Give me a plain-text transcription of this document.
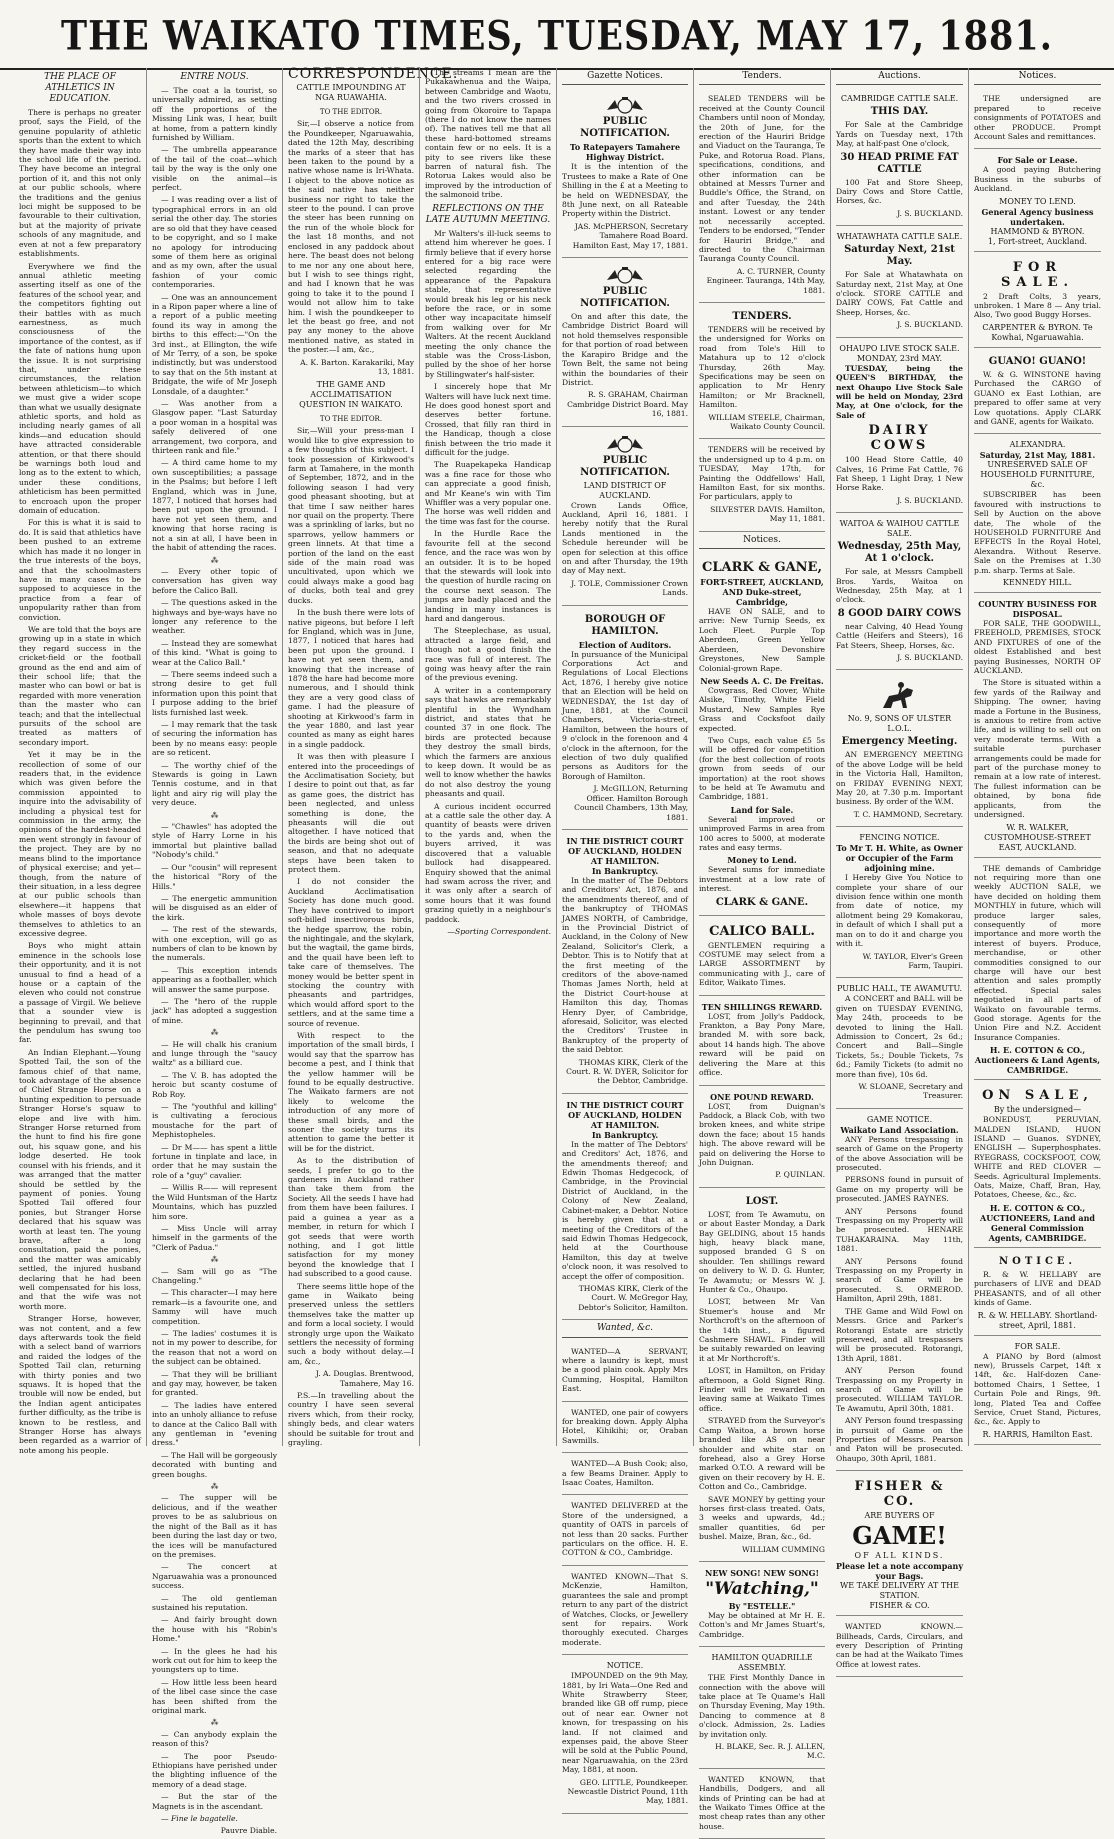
THE WAIKATO TIMES, TUESDAY, MAY 17, 1881.
THE PLACE OF ATHLETICS IN EDUCATION.

There is perhaps no greater proof, says the Field, of the genuine popularity of athletic sports than the extent to which they have made their way into the school life of the period. They have become an integral portion of it, and this not only at our public schools, where the traditions and the genius loci might be supposed to be favourable to their cultivation, but at the majority of private schools of any magnitude, and even at not a few preparatory establishments.

Everywhere we find the annual athletic meeting asserting itself as one of the features of the school year, and the competitors fighting out their battles with as much earnestness, as much consciousness of the importance of the contest, as if the fate of nations hung upon the issue. It is not surprising that, under these circumstances, the relation between athleticism—to which we must give a wider scope than what we usually designate athletic sports, and hold as including nearly games of all kinds—and education should have attracted considerable attention, or that there should be warnings both loud and long as to the extent to which, under these conditions, athleticism has been permitted to encroach upon the proper domain of education.

For this is what it is said to do. It is said that athletics have been pushed to an extreme which has made it no longer in the true interests of the boys, and that the schoolmasters have in many cases to be supposed to acquiesce in the practice from a fear of unpopularity rather than from conviction.

We are told that the boys are growing up in a state in which they regard success in the cricket-field or the football ground as the end and aim of their school life; that the master who can bowl or bat is regarded with more veneration than the master who can teach; and that the intellectual pursuits of the school are treated as matters of secondary import.

Yet it may be in the recollection of some of our readers that, in the evidence which was given before the commission appointed to inquire into the advisability of including a physical test for commission in the army, the opinions of the hardest-headed men went strongly in favour of the project. They are by no means blind to the importance of physical exercise; and yet—though, from the nature of their situation, in a less degree at our public schools than elsewhere—it happens that whole masses of boys devote themselves to athletics to an excessive degree.

Boys who might attain eminence in the schools lose their opportunity, and it is not unusual to find a head of a house or a captain of the eleven who could not construe a passage of Virgil. We believe that a sounder view is beginning to prevail, and that the pendulum has swung too far.

An Indian Elephant.—Young Spotted Tail, the son of the famous chief of that name, took advantage of the absence of Chief Strange Horse on a hunting expedition to persuade Stranger Horse's squaw to elope and live with him. Stranger Horse returned from the hunt to find his fire gone out, his squaw gone, and his lodge deserted. He took counsel with his friends, and it was arranged that the matter should be settled by the payment of ponies. Young Spotted Tail offered four ponies, but Stranger Horse declared that his squaw was worth at least ten. The young brave, after a long consultation, paid the ponies, and the matter was amicably settled, the injured husband declaring that he had been well compensated for his loss, and that the wife was not worth more.

Stranger Horse, however, was not content, and a few days afterwards took the field with a select band of warriors and raided the lodges of the Spotted Tail clan, returning with thirty ponies and two squaws. It is hoped that the trouble will now be ended, but the Indian agent anticipates further difficulty, as the tribe is known to be restless, and Stranger Horse has always been regarded as a warrior of note among his people.

ENTRE NOUS.

— The coat a la tourist, so universally admired, as setting off the proportions of the Missing Link was, I hear, built at home, from a pattern kindly furnished by William.

— The umbrella appearance of the tail of the coat—which tail by the way is the only one visible on the animal—is perfect.

— I was reading over a list of typographical errors in an old serial the other day. The stories are so old that they have ceased to be copyright, and so I make no apology for introducing some of them here as original and as my own, after the usual fashion of your comic contemporaries.

— One was an announcement in a Ripon paper where a line of a report of a public meeting found its way in among the births to this effect:—"On the 3rd inst., at Ellington, the wife of Mr Terry, of a son, be spoke indistinctly, but was understood to say that on the 5th instant at Bridgate, the wife of Mr Joseph Lonsdale, of a daughter."

— Was another from a Glasgow paper. "Last Saturday a poor woman in a hospital was safely delivered of one arrangement, two corpora, and thirteen rank and file."

— A third came home to my own susceptibilities; a passage in the Psalms; but before I left England, which was in June, 1877, I noticed that horses had been put upon the ground. I have not yet seen them, and knowing that horse racing is not a sin at all, I have been in the habit of attending the races.

⁂

— Every other topic of conversation has given way before the Calico Ball.

— The questions asked in the highways and bye-ways have no longer any reference to the weather.

— Instead they are somewhat of this kind. "What is going to wear at the Calico Ball."

— There seems indeed such a strong desire to get full information upon this point that I purpose adding to the brief lists furnished last week.

— I may remark that the task of securing the information has been by no means easy: people are so reticent.

— The worthy chief of the Stewards is going in Lawn Tennis costume, and in that light and airy rig will play the very deuce.

⁂

— "Chawles" has adopted the style of Harry Lorne in his immortal but plaintive ballad "Nobody's child."

— Our "cousin" will represent the historical "Rory of the Hills."

— The energetic ammunition will be disguised as an elder of the kirk.

— The rest of the stewards, with one exception, will go as numbers of clan to be known by the numerals.

— This exception intends appearing as a footballer, which will answer the same purpose.

— The "hero of the rupple jack" has adopted a suggestion of mine.

⁂

— He will chalk his cranium and lunge through the "saucy waltz" as a billiard cue.

— The V. B. has adopted the heroic but scanty costume of Rob Roy.

— The "youthful and killing" is cultivating a ferocious moustache for the part of Mephistopheles.

— Dr M—— has spent a little fortune in tinplate and lace, in order that he may sustain the role of a "guy" cavalier.

— Willis R—— will represent the Wild Huntsman of the Hartz Mountains, which has puzzled him sore.

— Miss Uncle will array himself in the garments of the "Clerk of Padua."

⁂

— Sam will go as "The Changeling."

— This character—I may here remark—is a favourite one, and Sammy will have much competition.

— The ladies' costumes it is not in my power to describe, for the reason that not a word on the subject can be obtained.

— That they will be brilliant and gay may, however, be taken for granted.

— The ladies have entered into an unholy alliance to refuse to dance at the Calico Ball with any gentleman in "evening dress."

— The Hall will be gorgeously decorated with bunting and green boughs.

⁂

— The supper will be delicious, and if the weather proves to be as salubrious on the night of the Ball as it has been during the last day or two, the ices will be manufactured on the premises.

— The concert at Ngaruawahia was a pronounced success.

— The old gentleman sustained his reputation.

— And fairly brought down the house with his "Robin's Home."

— In the glees he had his work cut out for him to keep the youngsters up to time.

— How little less been heard of the libel case since the case has been shifted from the original mark.

⁂

— Can anybody explain the reason of this?

— The poor Pseudo-Ethiopians have perished under the blighting influence of the memory of a dead stage.

— But the star of the Magnets is in the ascendant.

— Fine le bagatelle.

Pauvre Diable.

CORRESPONDENCE.
CATTLE IMPOUNDING AT NGA RUAWAHIA.
TO THE EDITOR.

Sir,—I observe a notice from the Poundkeeper, Ngaruawahia, dated the 12th May, describing the marks of a steer that has been taken to the pound by a native whose name is Iri-Whata. I object to the above notice as the said native has neither business nor right to take the steer to the pound. I can prove the steer has been running on the run of the whole block for the last 18 months, and not enclosed in any paddock about here. The beast does not belong to me nor any one about here, but I wish to see things right, and had I known that he was going to take it to the pound I would not allow him to take him. I wish the poundkeeper to let the beast go free, and not pay any money to the above mentioned native, as stated in the poster.—I am, &c.,

A. K. Barton. Karakariki, May 13, 1881.

THE GAME AND ACCLIMATISATION QUESTION IN WAIKATO.
TO THE EDITOR.

Sir,—Will your press-man I would like to give expression to a few thoughts of this subject. I took possession of Kirkwood's farm at Tamahere, in the month of September, 1872, and in the following season I had very good pheasant shooting, but at that time I saw neither hares nor quail on the property. There was a sprinkling of larks, but no sparrows, yellow hammers or green linnets. At that time a portion of the land on the east side of the main road was uncultivated, upon which we could always make a good bag of ducks, both teal and grey ducks.

In the bush there were lots of native pigeons, but before I left for England, which was in June, 1877, I noticed that hares had been put upon the ground. I have not yet seen them, and knowing that the increase of 1878 the hare had become more numerous, and I should think they are a very good class of game. I had the pleasure of shooting at Kirkwood's farm in the year 1880, and last year counted as many as eight hares in a single paddock.

It was then with pleasure I entered into the proceedings of the Acclimatisation Society, but I desire to point out that, as far as game goes, the district has been neglected, and unless something is done, the pheasants will die out altogether. I have noticed that the birds are being shot out of season, and that no adequate steps have been taken to protect them.

I do not consider the Auckland Acclimatisation Society has done much good. They have contrived to import soft-billed insectivorous birds, the hedge sparrow, the robin, the nightingale, and the skylark, but the wagtail, the game birds, and the quail have been left to take care of themselves. The money would be better spent in stocking the country with pheasants and partridges, which would afford sport to the settlers, and at the same time a source of revenue.

With respect to the importation of the small birds, I would say that the sparrow has become a pest, and I think that the yellow hammer will be found to be equally destructive. The Waikato farmers are not likely to welcome the introduction of any more of these small birds, and the sooner the society turns its attention to game the better it will be for the district.

As to the distribution of seeds, I prefer to go to the gardeners in Auckland rather than take them from the Society. All the seeds I have had from them have been failures. I paid a guinea a year as a member, in return for which I got seeds that were worth nothing, and I got little satisfaction for my money beyond the knowledge that I had subscribed to a good cause.

There seems little hope of the game in Waikato being preserved unless the settlers themselves take the matter up and form a local society. I would strongly urge upon the Waikato settlers the necessity of forming such a body without delay.—I am, &c.,

J. A. Douglas. Brentwood, Tamahere, May 16.

P.S.—In travelling about the country I have seen several rivers which, from their rocky, shingly beds, and clear waters should be suitable for trout and grayling.

The streams I mean are the Pukakawhenua and the Waipa, between Cambridge and Waotu, and the two rivers crossed in going from Okoroire to Tapapa (there I do not know the names of). The natives tell me that all these hard-bottomed streams contain few or no eels. It is a pity to see rivers like these barren of natural fish. The Rotorua Lakes would also be improved by the introduction of the salmonoid tribe.

REFLECTIONS ON THE LATE AUTUMN MEETING.

Mr Walters's ill-luck seems to attend him wherever he goes. I firmly believe that if every horse entered for a big race were selected regarding the appearance of the Papakura stable, that representative would break his leg or his neck before the race, or in some other way incapacitate himself from walking over for Mr Walters. At the recent Auckland meeting the only chance the stable was the Cross-Lisbon, pulled by the shoe of her horse by Stillingwater's half-sister.

I sincerely hope that Mr Walters will have luck next time. He does good honest sport and deserves better fortune. Crossed, that filly ran third in the Handicap, though a close finish between the trio made it difficult for the judge.

The Ruapekapeka Handicap was a fine race for those who can appreciate a good finish, and Mr Keane's win with Tim Whiffler was a very popular one. The horse was well ridden and the time was fast for the course.

In the Hurdle Race the favourite fell at the second fence, and the race was won by an outsider. It is to be hoped that the stewards will look into the question of hurdle racing on the course next season. The jumps are badly placed and the landing in many instances is hard and dangerous.

The Steeplechase, as usual, attracted a large field, and though not a good finish the race was full of interest. The going was heavy after the rain of the previous evening.

A writer in a contemporary says that hawks are remarkably plentiful in the Wyndham district, and states that he counted 37 in one flock. The birds are protected because they destroy the small birds, which the farmers are anxious to keep down. It would be as well to know whether the hawks do not also destroy the young pheasants and quail.

A curious incident occurred at a cattle sale the other day. A quantity of beasts were driven to the yards and, when the buyers arrived, it was discovered that a valuable bullock had disappeared. Enquiry showed that the animal had swam across the river, and it was only after a search of some hours that it was found grazing quietly in a neighbour's paddock.

—Sporting Correspondent.

Gazette Notices.
PUBLIC NOTIFICATION.
To Ratepayers Tamahere Highway District.

It is the intention of the Trustees to make a Rate of One Shilling in the £ at a Meeting to be held on WEDNESDAY, the 8th June next, on all Rateable Property within the District.

JAS. McPHERSON, Secretary Tamahere Road Board. Hamilton East, May 17, 1881.

PUBLIC NOTIFICATION.

On and after this date, the Cambridge District Board will not hold themselves responsible for that portion of road between the Karapiro Bridge and the Town Belt, the same not being within the boundaries of their District.

R. S. GRAHAM, Chairman Cambridge District Board. May 16, 1881.

PUBLIC NOTIFICATION.
LAND DISTRICT OF AUCKLAND.

Crown Lands Office, Auckland, April 16, 1881. I hereby notify that the Rural Lands mentioned in the Schedule hereunder will be open for selection at this office on and after Thursday, the 19th day of May next.

J. TOLE, Commissioner Crown Lands.

BOROUGH OF HAMILTON.
Election of Auditors.

In pursuance of the Municipal Corporations Act and Regulations of Local Elections Act, 1876, I hereby give notice that an Election will be held on WEDNESDAY, the 1st day of June, 1881, at the Council Chambers, Victoria-street, Hamilton, between the hours of 9 o'clock in the forenoon and 4 o'clock in the afternoon, for the election of two duly qualified persons as Auditors for the Borough of Hamilton.

J. McGILLON, Returning Officer. Hamilton Borough Council Chambers, 13th May, 1881.

IN THE DISTRICT COURT OF AUCKLAND, HOLDEN AT HAMILTON.
In Bankruptcy.

In the matter of The Debtors and Creditors' Act, 1876, and the amendments thereof, and of the bankruptcy of THOMAS JAMES NORTH, of Cambridge, in the Provincial District of Auckland, in the Colony of New Zealand, Solicitor's Clerk, a Debtor. This is to Notify that at the first meeting of the creditors of the above-named Thomas James North, held at the District Court-house at Hamilton this day, Thomas Henry Dyer, of Cambridge, aforesaid, Solicitor, was elected the Creditors' Trustee in Bankruptcy of the property of the said Debtor.

THOMAS KIRK, Clerk of the Court. R. W. DYER, Solicitor for the Debtor, Cambridge.

IN THE DISTRICT COURT OF AUCKLAND, HOLDEN AT HAMILTON.
In Bankruptcy.

In the matter of The Debtors' and Creditors' Act, 1876, and the amendments thereof; and Edwin Thomas Hedgecock, of Cambridge, in the Provincial District of Auckland, in the Colony of New Zealand, Cabinet-maker, a Debtor. Notice is hereby given that at a meeting of the Creditors of the said Edwin Thomas Hedgecock, held at the Courthouse Hamilton, this day at twelve o'clock noon, it was resolved to accept the offer of composition.

THOMAS KIRK, Clerk of the Court. W. McGregor Hay, Debtor's Solicitor, Hamilton.

Wanted, &c.

WANTED—A SERVANT, where a laundry is kept, must be a good plain cook. Apply Mrs Cumming, Hospital, Hamilton East.

WANTED, one pair of cowyers for breaking down. Apply Alpha Hotel, Kihikihi; or, Oraban Sawmills.

WANTED—A Bush Cook; also, a few Beams Drainer. Apply to Isaac Coates, Hamilton.

WANTED DELIVERED at the Store of the undersigned, a quantity of OATS in parcels of not less than 20 sacks. Further particulars on the office. H. E. COTTON & CO., Cambridge.

WANTED KNOWN—That S. McKenzie, Hamilton, guarantees the sale and prompt return to any part of the district of Watches, Clocks, or Jewellery sent for repairs. Work thoroughly executed. Charges moderate.

NOTICE.

IMPOUNDED on the 9th May, 1881, by Iri Wata—One Red and White Strawberry Steer, branded like GB off rump, piece out of near ear. Owner not known, for trespassing on his land. If not claimed and expenses paid, the above Steer will be sold at the Public Pound, near Ngaruawahia, on the 23rd May, 1881, at noon.

GEO. LITTLE, Poundkeeper. Newcastle District Pound, 11th May, 1881.

Tenders.

SEALED TENDERS will be received at the County Council Chambers until noon of Monday, the 20th of June, for the erection of the Hauriri Bridge and Viaduct on the Tauranga, Te Puke, and Rotorua Road. Plans, specifications, conditions, and other information can be obtained at Messrs Turner and Buddle's Office, the Strand, on and after Tuesday, the 24th instant. Lowest or any tender not necessarily accepted. Tenders to be endorsed, "Tender for Hauriri Bridge," and directed to the Chairman Tauranga County Council.

A. C. TURNER, County Engineer. Tauranga, 14th May, 1881.

TENDERS.

TENDERS will be received by the undersigned for Works on road from Tole's Hill to Matahura up to 12 o'clock Thursday, 26th May. Specifications may be seen on application to Mr Henry Hamilton; or Mr Bracknell, Hamilton.

WILLIAM STEELE, Chairman, Waikato County Council.

TENDERS will be received by the undersigned up to 4 p.m. on TUESDAY, May 17th, for Painting the Oddfellows' Hall, Hamilton East, for six months. For particulars, apply to

SILVESTER DAVIS. Hamilton, May 11, 1881.

Notices.
CLARK & GANE,
FORT-STREET, AUCKLAND, AND Duke-street, Cambridge,

HAVE ON SALE, and to arrive: New Turnip Seeds, ex Loch Fleet. Purple Top Aberdeen, Green Yellow Aberdeen, Devonshire Greystones, New Sample Colonial-grown Rape.

New Seeds A. C. De Freitas.

Cowgrass, Red Clover, White Alsike, Timothy, White Field Mustard, New Samples Rye Grass and Cocksfoot daily expected.

Two Cups, each value £5 5s will be offered for competition (for the best collection of roots grown from seeds of our importation) at the root shows to be held at Te Awamutu and Cambridge, 1881.

Land for Sale.

Several improved or unimproved Farms in area from 100 acres to 5000, at moderate rates and easy terms.

Money to Lend.

Several sums for immediate investment at a low rate of interest.

CLARK & GANE.
CALICO BALL.

GENTLEMEN requiring a COSTUME may select from a LARGE ASSORTMENT by communicating with J., care of Editor, Waikato Times.

TEN SHILLINGS REWARD.

LOST, from Jolly's Paddock, Frankton, a Bay Pony Mare, branded M. with sore back, about 14 hands high. The above reward will be paid on delivering the Mare at this office.

ONE POUND REWARD.

LOST, from Duignan's Paddock, a Black Cob, with two broken knees, and white stripe down the face; about 15 hands high. The above reward will be paid on delivering the Horse to John Duignan.

P. QUINLAN.

LOST.

LOST, from Te Awamutu, on or about Easter Monday, a Dark Bay GELDING, about 15 hands high, heavy black mane, supposed branded G S on shoulder. Ten shillings reward on delivery to W. D. G. Hunter, Te Awamutu; or Messrs W. J. Hunter & Co., Ohaupo.

LOST, between Mr Van Stuemer's house and Mr Northcroft's on the afternoon of the 14th inst., a figured Cashmere SHAWL. Finder will be suitably rewarded on leaving it at Mr Northcroft's.

LOST, in Hamilton, on Friday afternoon, a Gold Signet Ring. Finder will be rewarded on leaving same at Waikato Times office.

STRAYED from the Surveyor's Camp Waitoa, a brown horse branded like AS on near shoulder and white star on forehead, also a Grey Horse marked O.T.O. A reward will be given on their recovery by H. E. Cotton and Co., Cambridge.

SAVE MONEY by getting your horses first-class treated. Oats, 3 weeks and upwards, 4d.; smaller quantities, 6d per bushel. Maize, Bran, &c., 6d.

WILLIAM CUMMING

NEW SONG! NEW SONG!
"Watching,"
By "ESTELLE."

May be obtained at Mr H. E. Cotton's and Mr James Stuart's, Cambridge.

HAMILTON QUADRILLE ASSEMBLY.

THE First Monthly Dance in connection with the above will take place at Te Quame's Hall on Thursday Evening, May 19th. Dancing to commence at 8 o'clock. Admission, 2s. Ladies by invitation only.

H. BLAKE, Sec. R. J. ALLEN, M.C.

WANTED KNOWN, that Handbills, Dodgers, and all kinds of Printing can be had at the Waikato Times Office at the most cheap rates than any other house.

Auctions.
CAMBRIDGE CATTLE SALE.
THIS DAY.

For Sale at the Cambridge Yards on Tuesday next, 17th May, at half-past One o'clock,

30 HEAD PRIME FAT CATTLE

100 Fat and Store Sheep, Dairy Cows and Store Cattle, Horses, &c.

J. S. BUCKLAND.

WHATAWHATA CATTLE SALE.
Saturday Next, 21st May.

For Sale at Whatawhata on Saturday next, 21st May, at One o'clock. STORE CATTLE and DAIRY COWS, Fat Cattle and Sheep, Horses, &c.

J. S. BUCKLAND.

OHAUPO LIVE STOCK SALE.
MONDAY, 23rd MAY.

TUESDAY, being the QUEEN'S BIRTHDAY, the next Ohaupo Live Stock Sale will be held on Monday, 23rd May, at One o'clock, for the Sale of

DAIRY COWS

100 Head Store Cattle, 40 Calves, 16 Prime Fat Cattle, 76 Fat Sheep, 1 Light Dray, 1 New Horse Rake.

J. S. BUCKLAND.

WAITOA & WAIHOU CATTLE SALE.
Wednesday, 25th May, At 1 o'clock.

For sale, at Messrs Campbell Bros. Yards, Waitoa on Wednesday, 25th May, at 1 o'clock.

8 GOOD DAIRY COWS

near Calving, 40 Head Young Cattle (Heifers and Steers), 16 Fat Steers, Sheep, Horses, &c.

J. S. BUCKLAND.

No. 9, SONS OF ULSTER L.O.L.
Emergency Meeting.

AN EMERGENCY MEETING of the above Lodge will be held in the Victoria Hall, Hamilton, on FRIDAY EVENING NEXT, May 20, at 7.30 p.m. Important business. By order of the W.M.

T. C. HAMMOND, Secretary.

FENCING NOTICE.
To Mr T. H. White, as Owner or Occupier of the Farm adjoining mine.

I Hereby Give You Notice to complete your share of our division fence within one month from date of notice, my allotment being 29 Komakorau, in default of which I shall put a man on to do it and charge you with it.

W. TAYLOR, Elver's Green Farm, Taupiri.

PUBLIC HALL, TE AWAMUTU.

A CONCERT and BALL will be given on TUESDAY EVENING, May 24th, proceeds to be devoted to lining the Hall. Admission to Concert, 2s 6d.; Concert and Ball—Single Tickets, 5s.; Double Tickets, 7s 6d.; Family Tickets (to admit no more than five), 10s 6d.

W. SLOANE, Secretary and Treasurer.

GAME NOTICE.
Waikato Land Association.

ANY Persons trespassing in search of Game on the Property of the above Association will be prosecuted.

PERSONS found in pursuit of Game on my property will be prosecuted. JAMES RAYNES.

ANY Persons found Trespassing on my Property will be prosecuted. HENARE TUHAKARAINA. May 11th, 1881.

ANY Persons found Trespassing on my Property in search of Game will be prosecuted. S. ORMEROD. Hamilton, April 29th, 1881.

THE Game and Wild Fowl on Messrs. Grice and Parker's Rotorangi Estate are strictly preserved, and all trespassers will be prosecuted. Rotorangi, 13th April, 1881.

ANY Person found Trespassing on my Property in search of Game will be prosecuted. WILLIAM TAYLOR. Te Awamutu, April 30th, 1881.

ANY Person found trespassing in pursuit of Game on the Properties of Messrs. Pearson and Paton will be prosecuted. Ohaupo, 30th April, 1881.

FISHER & CO.
ARE BUYERS OF
GAME!
OF ALL KINDS.
Please let a note accompany your Bags.
WE TAKE DELIVERY AT THE STATION.
FISHER & CO.

WANTED KNOWN.—Billheads, Cards, Circulars, and every Description of Printing can be had at the Waikato Times Office at lowest rates.

Notices.

THE undersigned are prepared to receive consignments of POTATOES and other PRODUCE. Prompt Account Sales and remittances.

For Sale or Lease.

A good paying Butchering Business in the suburbs of Auckland.

MONEY TO LEND.
General Agency business undertaken.
HAMMOND & BYRON.
1, Fort-street, Auckland.
FOR SALE.

2 Draft Colts, 3 years, unbroken. 1 Mare 8 — Any trial. Also, Two good Buggy Horses.

CARPENTER & BYRON. Te Kowhai, Ngaruawahia.
GUANO! GUANO!

W. & G. WINSTONE having Purchased the CARGO of GUANO ex East Lothian, are prepared to offer same at very Low quotations. Apply CLARK and GANE, agents for Waikato.

ALEXANDRA.
Saturday, 21st May, 1881.
UNRESERVED SALE OF HOUSEHOLD FURNITURE, &c.

SUBSCRIBER has been favoured with instructions to Sell by Auction on the above date, The whole of the HOUSEHOLD FURNITURE And EFFECTS In the Royal Hotel, Alexandra. Without Reserve. Sale on the Premises at 1.30 p.m. sharp. Terms at Sale.

KENNEDY HILL.
COUNTRY BUSINESS FOR DISPOSAL.

FOR SALE, THE GOODWILL, FREEHOLD, PREMISES, STOCK AND FIXTURES of one of the oldest Established and best paying Businesses, NORTH OF AUCKLAND.

The Store is situated within a few yards of the Railway and Shipping. The owner, having made a Fortune in the Business, is anxious to retire from active life, and is willing to sell out on very moderate terms. With a suitable purchaser arrangements could be made for part of the purchase money to remain at a low rate of interest. The fullest information can be obtained, by bona fide applicants, from the undersigned.

W. R. WALKER, CUSTOMHOUSE-STREET EAST, AUCKLAND.

THE demands of Cambridge not requiring more than one weekly AUCTION SALE, we have decided on holding them MONTHLY in future, which will produce larger sales, consequently of more importance and more worth the interest of buyers. Produce, merchandise, or other commodities consigned to our charge will have our best attention and sales promptly effected. Special sales negotiated in all parts of Waikato on favourable terms. Good storage. Agents for the Union Fire and N.Z. Accident Insurance Companies.

H. E. COTTON & CO., Auctioneers & Land Agents, CAMBRIDGE.
ON SALE,
By the undersigned—

BONEDUST, PERUVIAN, MALDEN ISLAND, HUON ISLAND — Guanos. SYDNEY, ENGLISH — Superphosphates. RYEGRASS, COCKSFOOT, COW, WHITE and RED CLOVER — Seeds. Agricultural Implements. Oats, Maize, Chaff, Bran, Hay, Potatoes, Cheese, &c., &c.

H. E. COTTON & CO., AUCTIONEERS, Land and General Commission Agents, CAMBRIDGE.
NOTICE.

R. & W. HELLABY are purchasers of LIVE and DEAD PHEASANTS, and of all other kinds of Game.

R. & W. HELLABY. Shortland-street, April, 1881.
FOR SALE.

A PIANO by Bord (almost new), Brussels Carpet, 14ft x 14ft, &c. Half-dozen Cane-bottomed Chairs, 1 Settee, 1 Curtain Pole and Rings, 9ft. long, Plated Tea and Coffee Service, Cruet Stand, Pictures, &c., &c. Apply to

R. HARRIS, Hamilton East.
